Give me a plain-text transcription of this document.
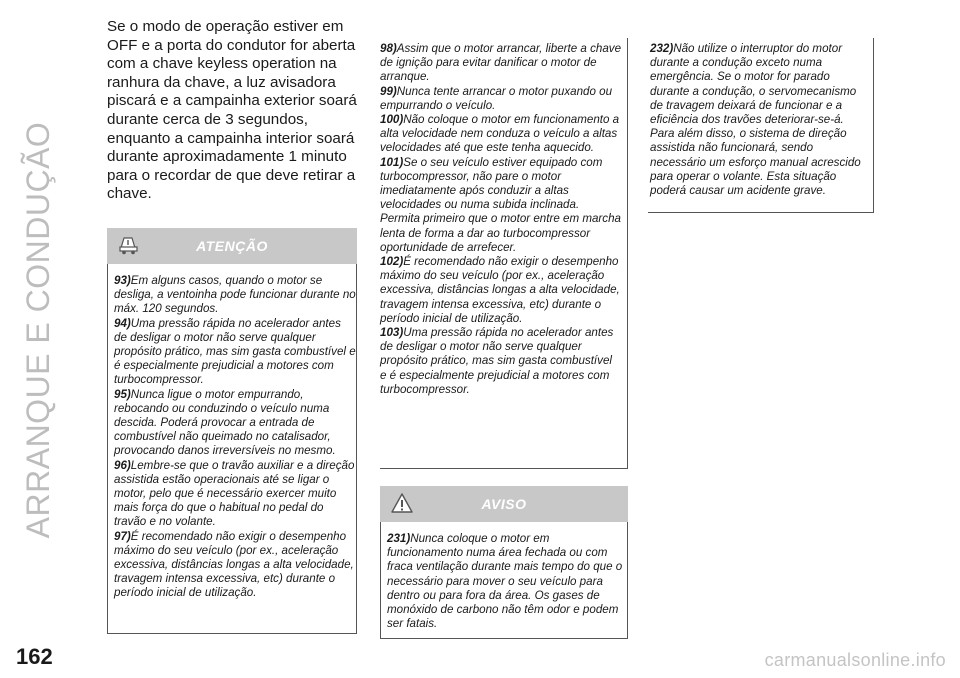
ARRANQUE E CONDUÇÃO
162

Se o modo de operação estiver em OFF e a porta do condutor for aberta com a chave keyless operation na ranhura da chave, a luz avisadora piscará e a campainha exterior soará durante cerca de 3 segundos, enquanto a campainha interior soará durante aproximadamente 1 minuto para o recordar de que deve retirar a chave.

ATENÇÃO

93)Em alguns casos, quando o motor se desliga, a ventoinha pode funcionar durante no máx. 120 segundos.

94)Uma pressão rápida no acelerador antes de desligar o motor não serve qualquer propósito prático, mas sim gasta combustível e é especialmente prejudicial a motores com turbocompressor.

95)Nunca ligue o motor empurrando, rebocando ou conduzindo o veículo numa descida. Poderá provocar a entrada de combustível não queimado no catalisador, provocando danos irreversíveis no mesmo.

96)Lembre-se que o travão auxiliar e a direção assistida estão operacionais até se ligar o motor, pelo que é necessário exercer muito mais força do que o habitual no pedal do travão e no volante.

97)É recomendado não exigir o desempenho máximo do seu veículo (por ex., aceleração excessiva, distâncias longas a alta velocidade, travagem intensa excessiva, etc) durante o período inicial de utilização.

98)Assim que o motor arrancar, liberte a chave de ignição para evitar danificar o motor de arranque.

99)Nunca tente arrancar o motor puxando ou empurrando o veículo.

100)Não coloque o motor em funcionamento a alta velocidade nem conduza o veículo a altas velocidades até que este tenha aquecido.

101)Se o seu veículo estiver equipado com turbocompressor, não pare o motor imediatamente após conduzir a altas velocidades ou numa subida inclinada. Permita primeiro que o motor entre em marcha lenta de forma a dar ao turbocompressor oportunidade de arrefecer.

102)É recomendado não exigir o desempenho máximo do seu veículo (por ex., aceleração excessiva, distâncias longas a alta velocidade, travagem intensa excessiva, etc) durante o período inicial de utilização.

103)Uma pressão rápida no acelerador antes de desligar o motor não serve qualquer propósito prático, mas sim gasta combustível e é especialmente prejudicial a motores com turbocompressor.

AVISO

231)Nunca coloque o motor em funcionamento numa área fechada ou com fraca ventilação durante mais tempo do que o necessário para mover o seu veículo para dentro ou para fora da área. Os gases de monóxido de carbono não têm odor e podem ser fatais.

232)Não utilize o interruptor do motor durante a condução exceto numa emergência. Se o motor for parado durante a condução, o servomecanismo de travagem deixará de funcionar e a eficiência dos travões deteriorar-se-á. Para além disso, o sistema de direção assistida não funcionará, sendo necessário um esforço manual acrescido para operar o volante. Esta situação poderá causar um acidente grave.

carmanualsonline.info
